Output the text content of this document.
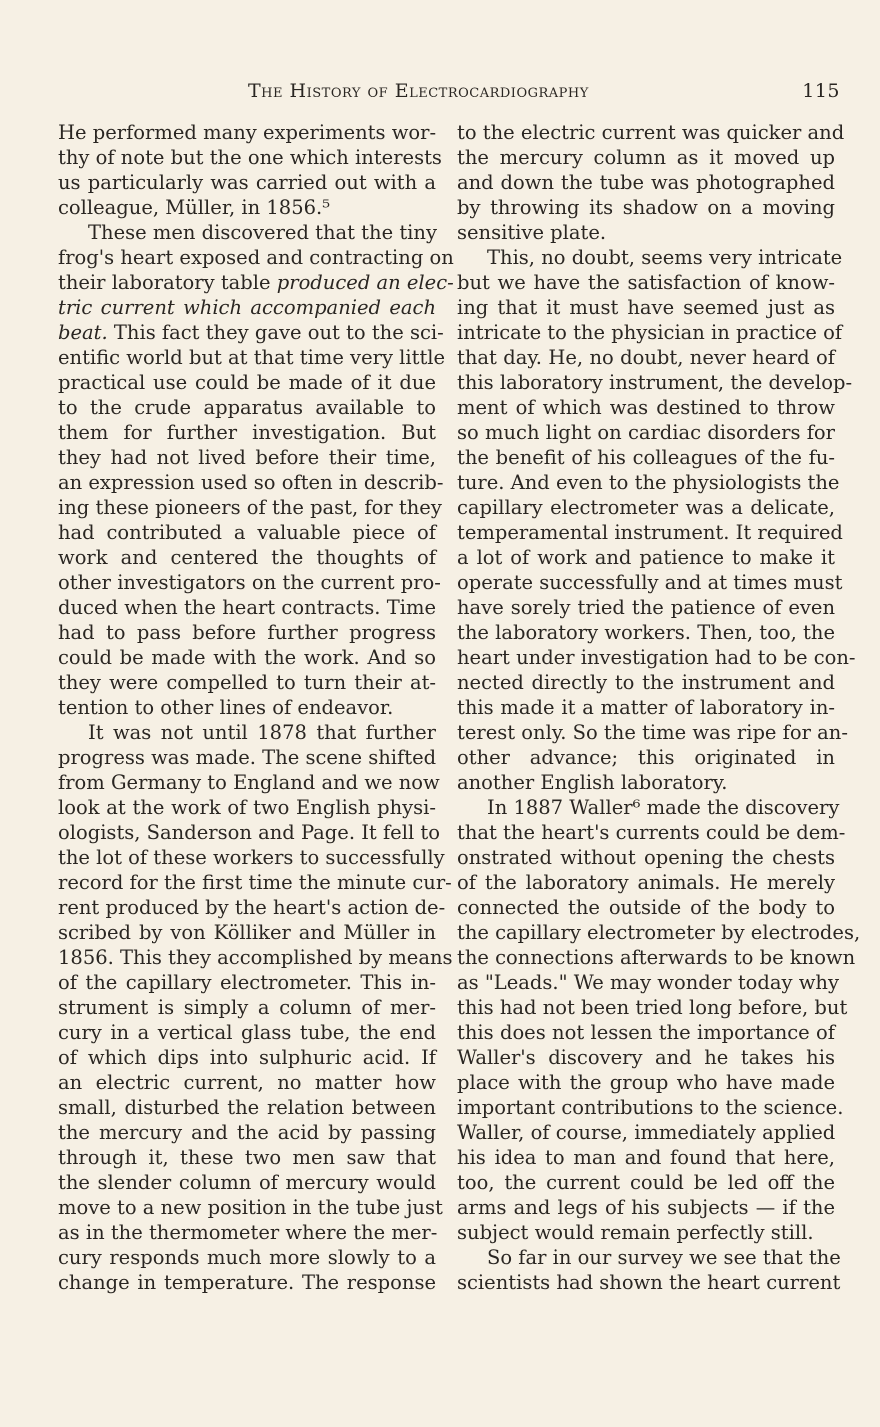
The History of Electrocardiography	115
He performed many experiments wor-
thy of note but the one which interests
us particularly was carried out with a
colleague, Müller, in 1856.⁵
These men discovered that the tiny
frog's heart exposed and contracting on
their laboratory table produced an elec-
tric current which accompanied each
beat. This fact they gave out to the sci-
entific world but at that time very little
practical use could be made of it due
to the crude apparatus available to
them for further investigation. But
they had not lived before their time,
an expression used so often in describ-
ing these pioneers of the past, for they
had contributed a valuable piece of
work and centered the thoughts of
other investigators on the current pro-
duced when the heart contracts. Time
had to pass before further progress
could be made with the work. And so
they were compelled to turn their at-
tention to other lines of endeavor.
It was not until 1878 that further
progress was made. The scene shifted
from Germany to England and we now
look at the work of two English physi-
ologists, Sanderson and Page. It fell to
the lot of these workers to successfully
record for the first time the minute cur-
rent produced by the heart's action de-
scribed by von Kölliker and Müller in
1856. This they accomplished by means
of the capillary electrometer. This in-
strument is simply a column of mer-
cury in a vertical glass tube, the end
of which dips into sulphuric acid. If
an electric current, no matter how
small, disturbed the relation between
the mercury and the acid by passing
through it, these two men saw that
the slender column of mercury would
move to a new position in the tube just
as in the thermometer where the mer-
cury responds much more slowly to a
change in temperature. The response
to the electric current was quicker and
the mercury column as it moved up
and down the tube was photographed
by throwing its shadow on a moving
sensitive plate.
This, no doubt, seems very intricate
but we have the satisfaction of know-
ing that it must have seemed just as
intricate to the physician in practice of
that day. He, no doubt, never heard of
this laboratory instrument, the develop-
ment of which was destined to throw
so much light on cardiac disorders for
the benefit of his colleagues of the fu-
ture. And even to the physiologists the
capillary electrometer was a delicate,
temperamental instrument. It required
a lot of work and patience to make it
operate successfully and at times must
have sorely tried the patience of even
the laboratory workers. Then, too, the
heart under investigation had to be con-
nected directly to the instrument and
this made it a matter of laboratory in-
terest only. So the time was ripe for an-
other advance; this originated in
another English laboratory.
In 1887 Waller⁶ made the discovery
that the heart's currents could be dem-
onstrated without opening the chests
of the laboratory animals. He merely
connected the outside of the body to
the capillary electrometer by electrodes,
the connections afterwards to be known
as "Leads." We may wonder today why
this had not been tried long before, but
this does not lessen the importance of
Waller's discovery and he takes his
place with the group who have made
important contributions to the science.
Waller, of course, immediately applied
his idea to man and found that here,
too, the current could be led off the
arms and legs of his subjects — if the
subject would remain perfectly still.
So far in our survey we see that the
scientists had shown the heart current
